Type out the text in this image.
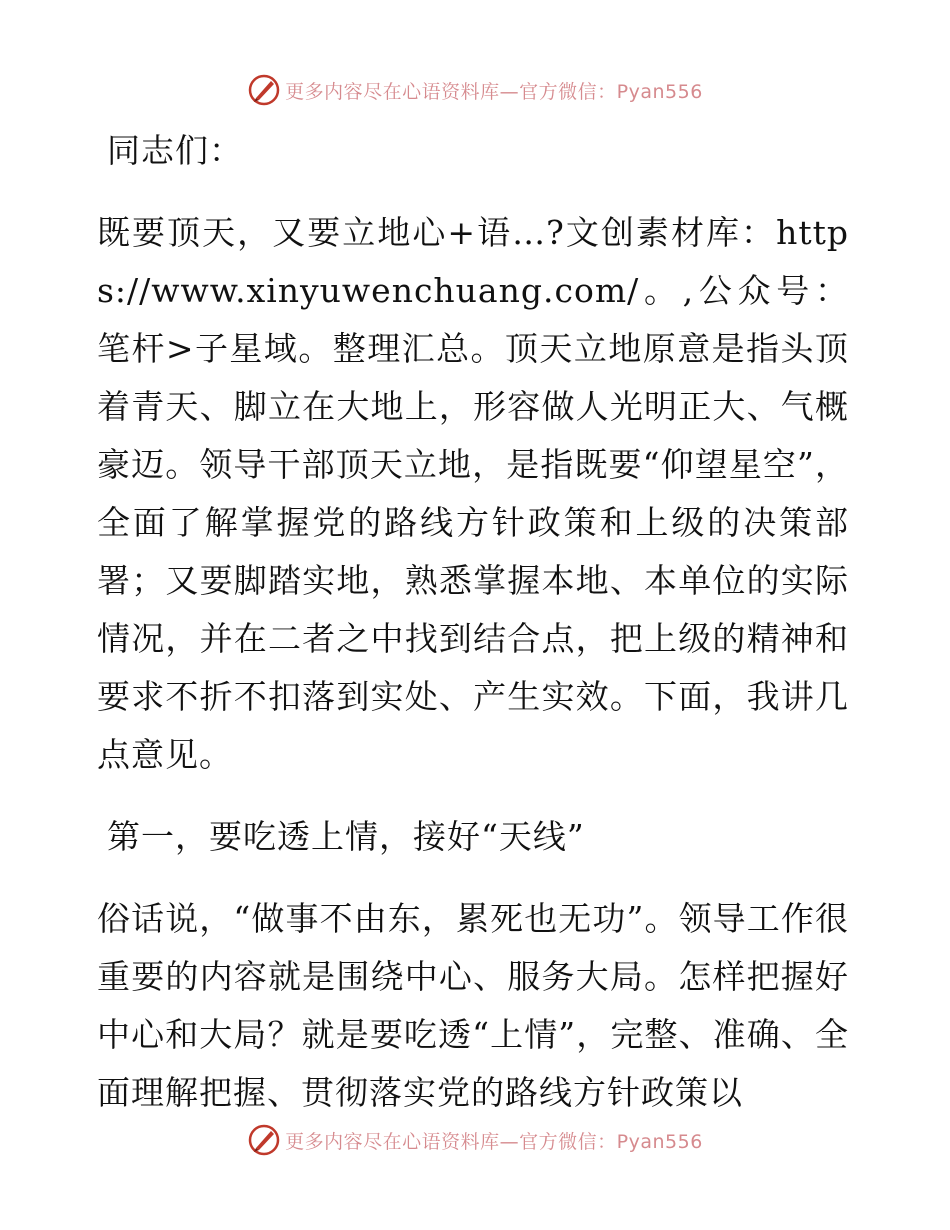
更多内容尽在心语资料库—官方微信：Pyan556

同志们：

既要顶天，又要立地心+语…?文创素材库：https://www.xinyuwenchuang.com/。,公众号：笔杆>子星域。整理汇总。顶天立地原意是指头顶着青天、脚立在大地上，形容做人光明正大、气概豪迈。领导干部顶天立地，是指既要“仰望星空”，全面了解掌握党的路线方针政策和上级的决策部署；又要脚踏实地，熟悉掌握本地、本单位的实际情况，并在二者之中找到结合点，把上级的精神和要求不折不扣落到实处、产生实效。下面，我讲几点意见。

第一，要吃透上情，接好“天线”

俗话说，“做事不由东，累死也无功”。领导工作很重要的内容就是围绕中心、服务大局。怎样把握好中心和大局？就是要吃透“上情”，完整、准确、全面理解把握、贯彻落实党的路线方针政策以

更多内容尽在心语资料库—官方微信：Pyan556
